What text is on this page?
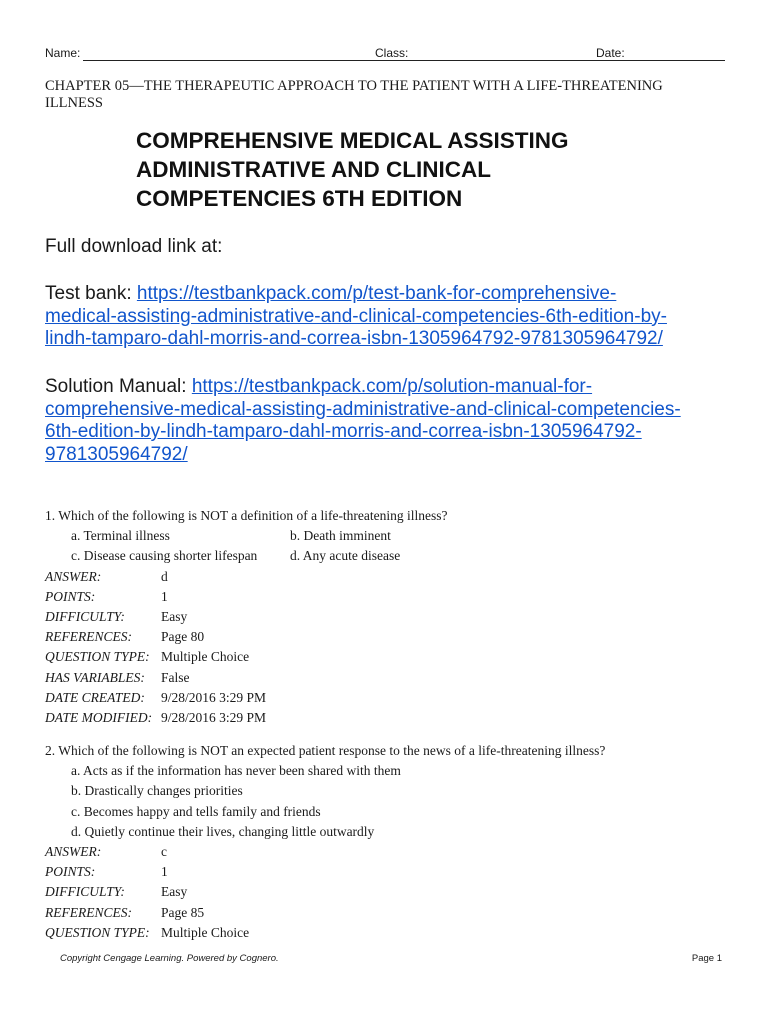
Name:	Class:	Date:
CHAPTER 05—THE THERAPEUTIC APPROACH TO THE PATIENT WITH A LIFE-THREATENING ILLNESS
COMPREHENSIVE MEDICAL ASSISTING
ADMINISTRATIVE AND CLINICAL
COMPETENCIES 6TH EDITION
Full download link at:
Test bank: https://testbankpack.com/p/test-bank-for-comprehensive-
medical-assisting-administrative-and-clinical-competencies-6th-edition-by-
lindh-tamparo-dahl-morris-and-correa-isbn-1305964792-9781305964792/
Solution Manual: https://testbankpack.com/p/solution-manual-for-
comprehensive-medical-assisting-administrative-and-clinical-competencies-
6th-edition-by-lindh-tamparo-dahl-morris-and-correa-isbn-1305964792-
9781305964792/
1. Which of the following is NOT a definition of a life-threatening illness?
a. Terminal illness	b. Death imminent
c. Disease causing shorter lifespan	d. Any acute disease
ANSWER:	d
POINTS:	1
DIFFICULTY:	Easy
REFERENCES:	Page 80
QUESTION TYPE: Multiple Choice
HAS VARIABLES:	False
DATE CREATED:	9/28/2016 3:29 PM
DATE MODIFIED: 9/28/2016 3:29 PM
2. Which of the following is NOT an expected patient response to the news of a life-threatening illness?
a. Acts as if the information has never been shared with them
b. Drastically changes priorities
c. Becomes happy and tells family and friends
d. Quietly continue their lives, changing little outwardly
ANSWER:	c
POINTS:	1
DIFFICULTY:	Easy
REFERENCES:	Page 85
QUESTION TYPE: Multiple Choice
Copyright Cengage Learning. Powered by Cognero.	Page 1
